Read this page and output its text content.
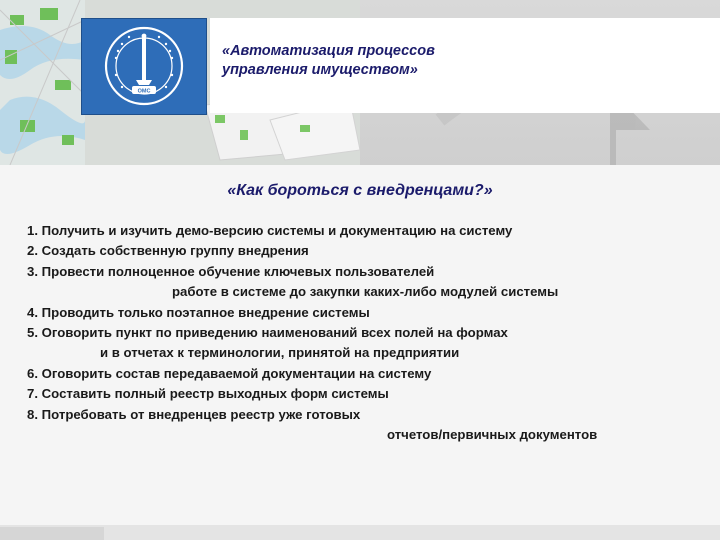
ОМС
«Автоматизация процессов
управления имуществом»
«Как бороться с внедренцами?»
1. Получить и изучить демо-версию системы и документацию на систему
2. Создать собственную группу внедрения
3. Провести полноценное обучение ключевых пользователей
работе в системе до закупки каких-либо модулей системы
4. Проводить только поэтапное внедрение системы
5. Оговорить пункт по приведению наименований всех полей на формах
и в отчетах к терминологии, принятой на предприятии
6. Оговорить состав передаваемой документации на систему
7. Составить полный реестр выходных форм системы
8. Потребовать от внедренцев реестр уже готовых
отчетов/первичных документов
